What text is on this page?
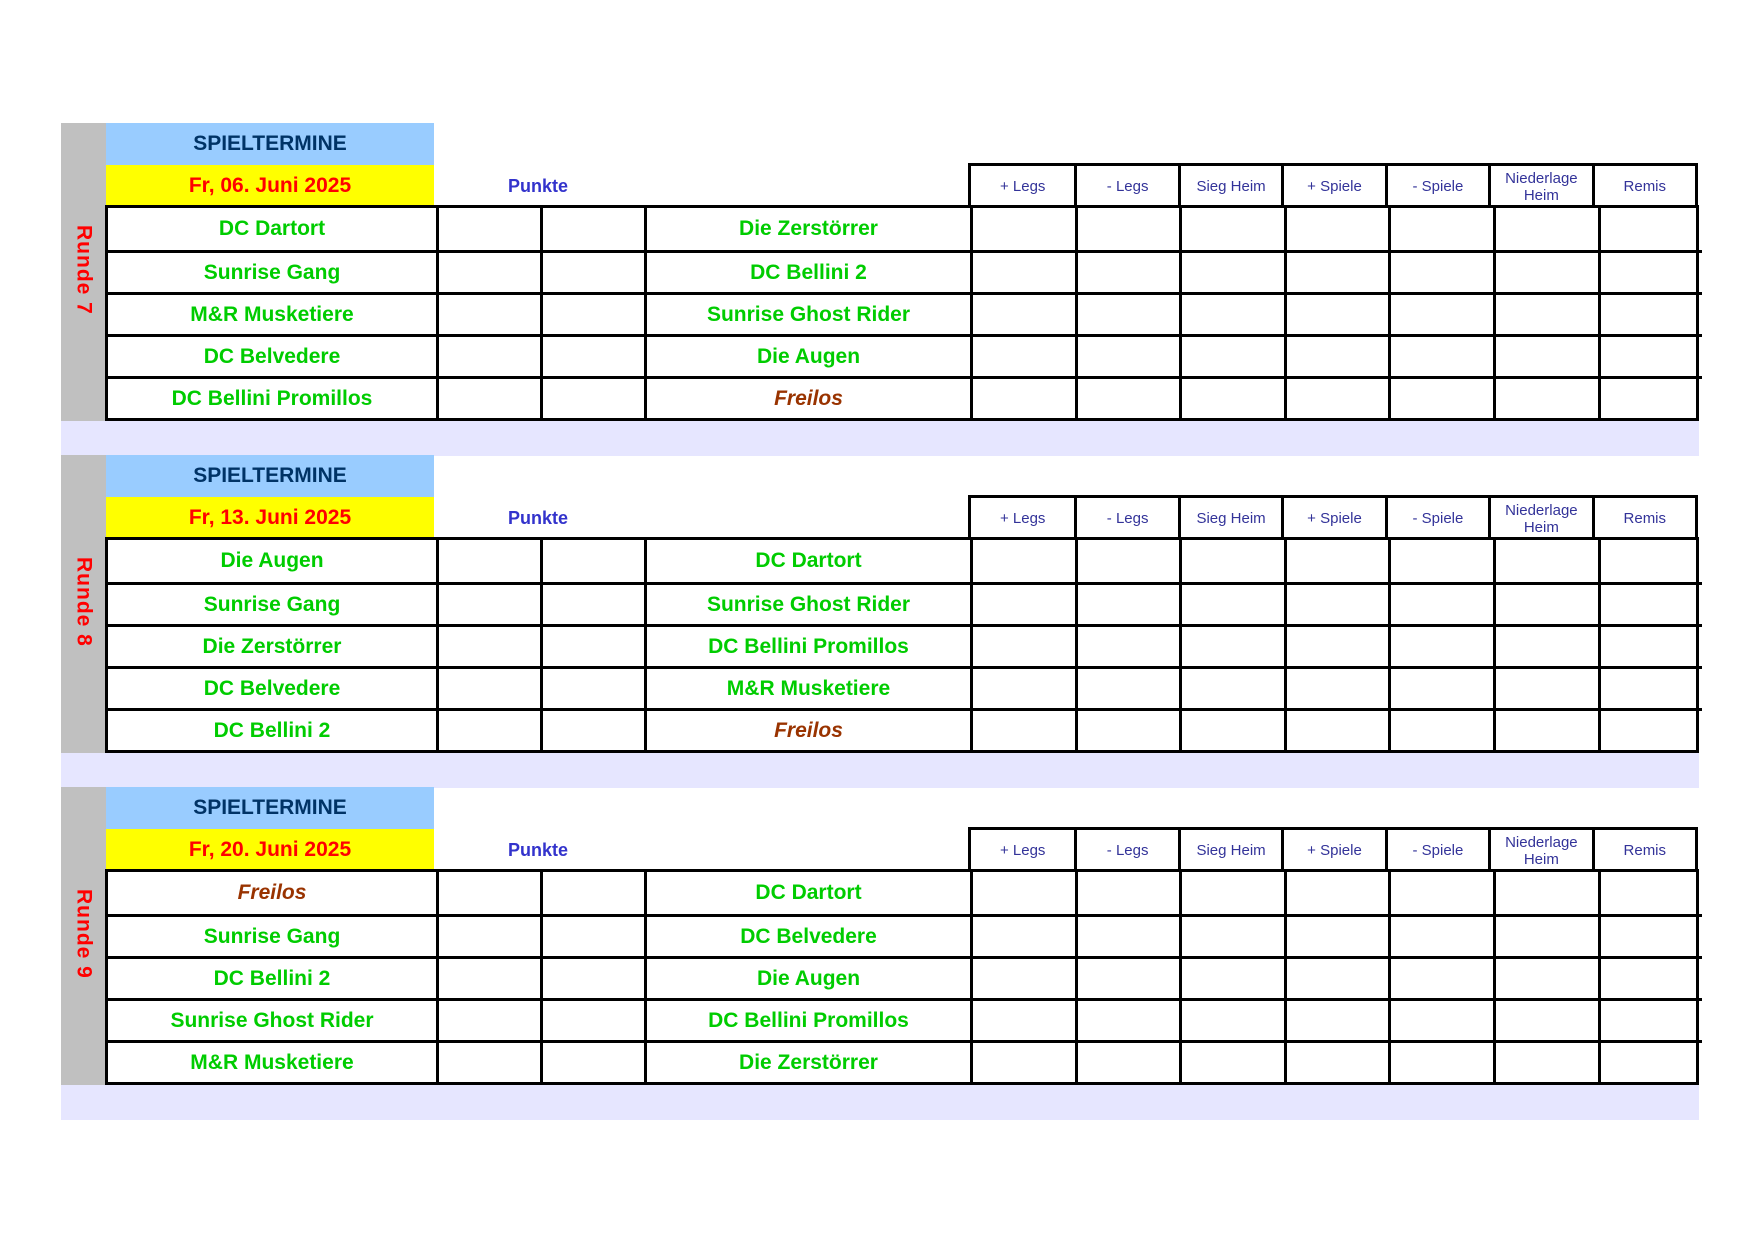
Runde 7
SPIELTERMINE
Fr, 06. Juni 2025	Punkte	+ Legs	- Legs	Sieg Heim	+ Spiele	- Spiele	Niederlage Heim	Remis
DC Dartort	Die Zerstörrer
Sunrise Gang	DC Bellini 2
M&R Musketiere	Sunrise Ghost Rider
DC Belvedere	Die Augen
DC Bellini Promillos	Freilos
Runde 8
SPIELTERMINE
Fr, 13. Juni 2025	Punkte	+ Legs	- Legs	Sieg Heim	+ Spiele	- Spiele	Niederlage Heim	Remis
Die Augen	DC Dartort
Sunrise Gang	Sunrise Ghost Rider
Die Zerstörrer	DC Bellini Promillos
DC Belvedere	M&R Musketiere
DC Bellini 2	Freilos
Runde 9
SPIELTERMINE
Fr, 20. Juni 2025	Punkte	+ Legs	- Legs	Sieg Heim	+ Spiele	- Spiele	Niederlage Heim	Remis
Freilos	DC Dartort
Sunrise Gang	DC Belvedere
DC Bellini 2	Die Augen
Sunrise Ghost Rider	DC Bellini Promillos
M&R Musketiere	Die Zerstörrer
